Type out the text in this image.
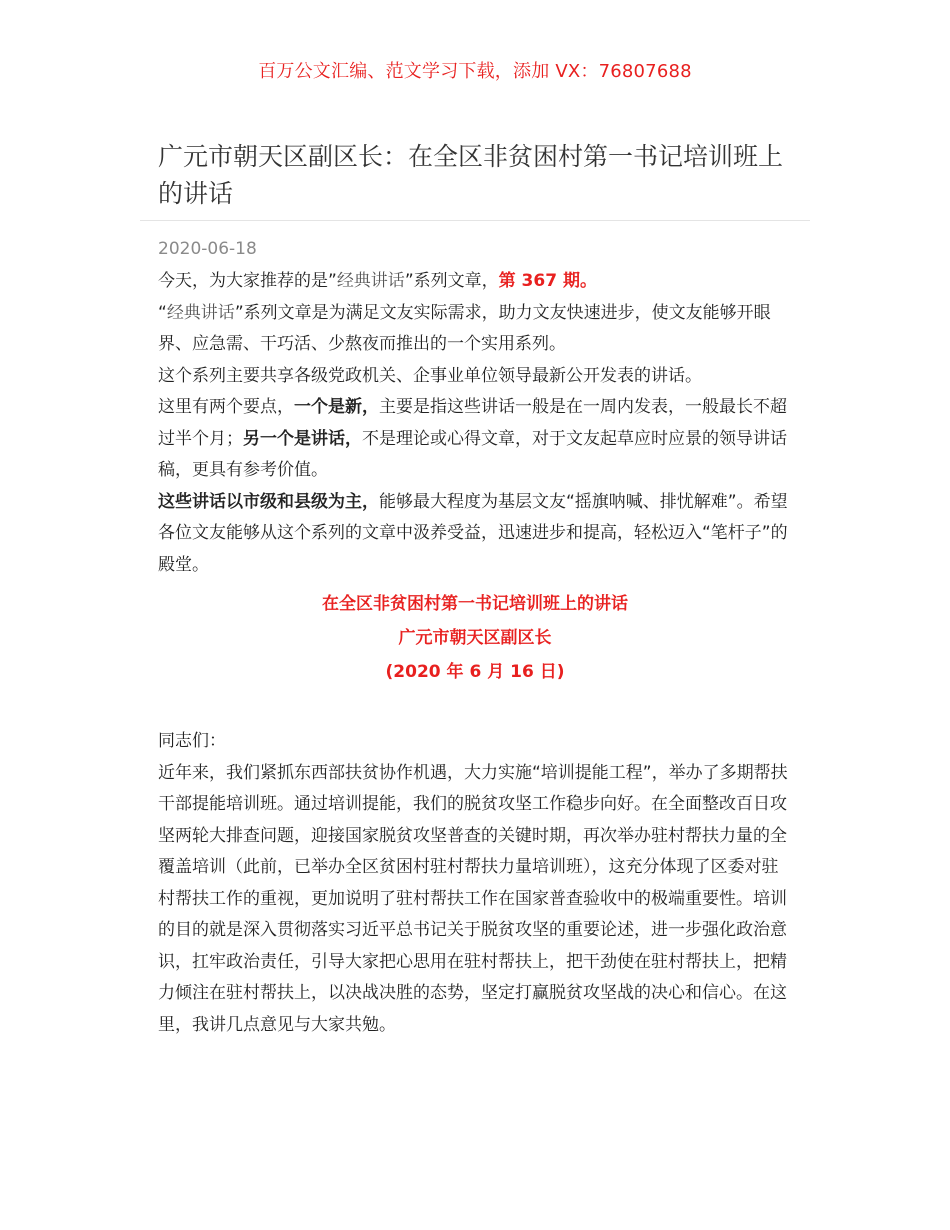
百万公文汇编、范文学习下载，添加 VX：76807688
广元市朝天区副区长：在全区非贫困村第一书记培训班上的讲话
2020-06-18

今天，为大家推荐的是”经典讲话”系列文章，第 367 期。

“经典讲话”系列文章是为满足文友实际需求，助力文友快速进步，使文友能够开眼界、应急需、干巧活、少熬夜而推出的一个实用系列。

这个系列主要共享各级党政机关、企事业单位领导最新公开发表的讲话。

这里有两个要点，一个是新，主要是指这些讲话一般是在一周内发表，一般最长不超过半个月；另一个是讲话，不是理论或心得文章，对于文友起草应时应景的领导讲话稿，更具有参考价值。

这些讲话以市级和县级为主，能够最大程度为基层文友“摇旗呐喊、排忧解难”。希望各位文友能够从这个系列的文章中汲养受益，迅速进步和提高，轻松迈入“笔杆子”的殿堂。

在全区非贫困村第一书记培训班上的讲话
广元市朝天区副区长
(2020 年 6 月 16 日)

同志们：

近年来，我们紧抓东西部扶贫协作机遇，大力实施“培训提能工程”，举办了多期帮扶干部提能培训班。通过培训提能，我们的脱贫攻坚工作稳步向好。在全面整改百日攻坚两轮大排查问题，迎接国家脱贫攻坚普查的关键时期，再次举办驻村帮扶力量的全覆盖培训（此前，已举办全区贫困村驻村帮扶力量培训班），这充分体现了区委对驻村帮扶工作的重视，更加说明了驻村帮扶工作在国家普查验收中的极端重要性。培训的目的就是深入贯彻落实习近平总书记关于脱贫攻坚的重要论述，进一步强化政治意识，扛牢政治责任，引导大家把心思用在驻村帮扶上，把干劲使在驻村帮扶上，把精力倾注在驻村帮扶上，以决战决胜的态势，坚定打赢脱贫攻坚战的决心和信心。在这里，我讲几点意见与大家共勉。
